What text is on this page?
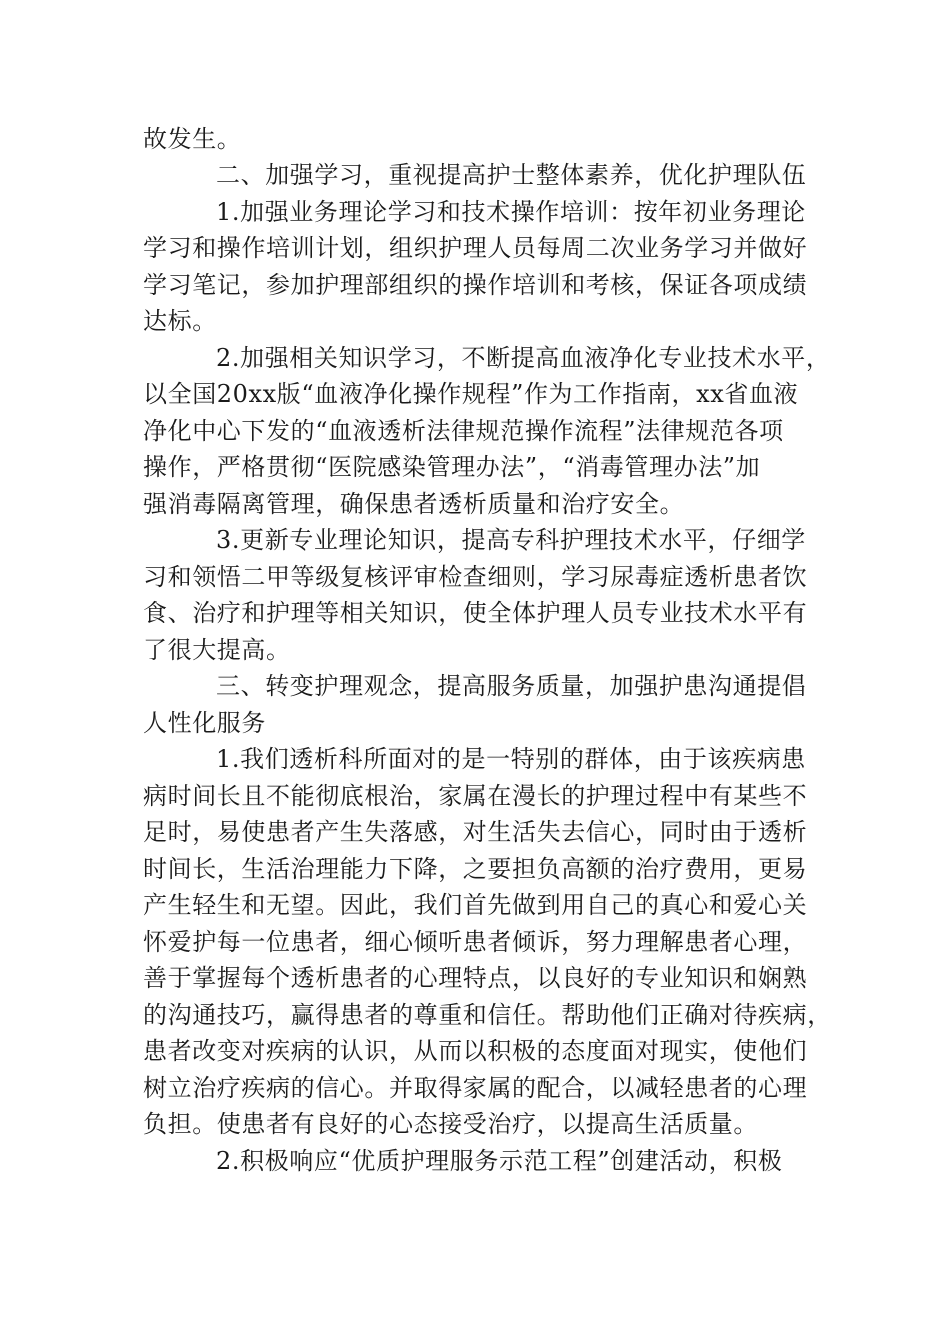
故发生。
二、加强学习，重视提高护士整体素养，优化护理队伍
1.加强业务理论学习和技术操作培训：按年初业务理论
学习和操作培训计划，组织护理人员每周二次业务学习并做好
学习笔记，参加护理部组织的操作培训和考核，保证各项成绩
达标。
2.加强相关知识学习，不断提高血液净化专业技术水平，
以全国20xx版“血液净化操作规程”作为工作指南，xx省血液
净化中心下发的“血液透析法律规范操作流程”法律规范各项
操作，严格贯彻“医院感染管理办法”，“消毒管理办法”加
强消毒隔离管理，确保患者透析质量和治疗安全。
3.更新专业理论知识，提高专科护理技术水平，仔细学
习和领悟二甲等级复核评审检查细则，学习尿毒症透析患者饮
食、治疗和护理等相关知识，使全体护理人员专业技术水平有
了很大提高。
三、转变护理观念，提高服务质量，加强护患沟通提倡
人性化服务
1.我们透析科所面对的是一特别的群体，由于该疾病患
病时间长且不能彻底根治，家属在漫长的护理过程中有某些不
足时，易使患者产生失落感，对生活失去信心，同时由于透析
时间长，生活治理能力下降，之要担负高额的治疗费用，更易
产生轻生和无望。因此，我们首先做到用自己的真心和爱心关
怀爱护每一位患者，细心倾听患者倾诉，努力理解患者心理，
善于掌握每个透析患者的心理特点，以良好的专业知识和娴熟
的沟通技巧，赢得患者的尊重和信任。帮助他们正确对待疾病，
患者改变对疾病的认识，从而以积极的态度面对现实，使他们
树立治疗疾病的信心。并取得家属的配合，以减轻患者的心理
负担。使患者有良好的心态接受治疗，以提高生活质量。
2.积极响应“优质护理服务示范工程”创建活动，积极
